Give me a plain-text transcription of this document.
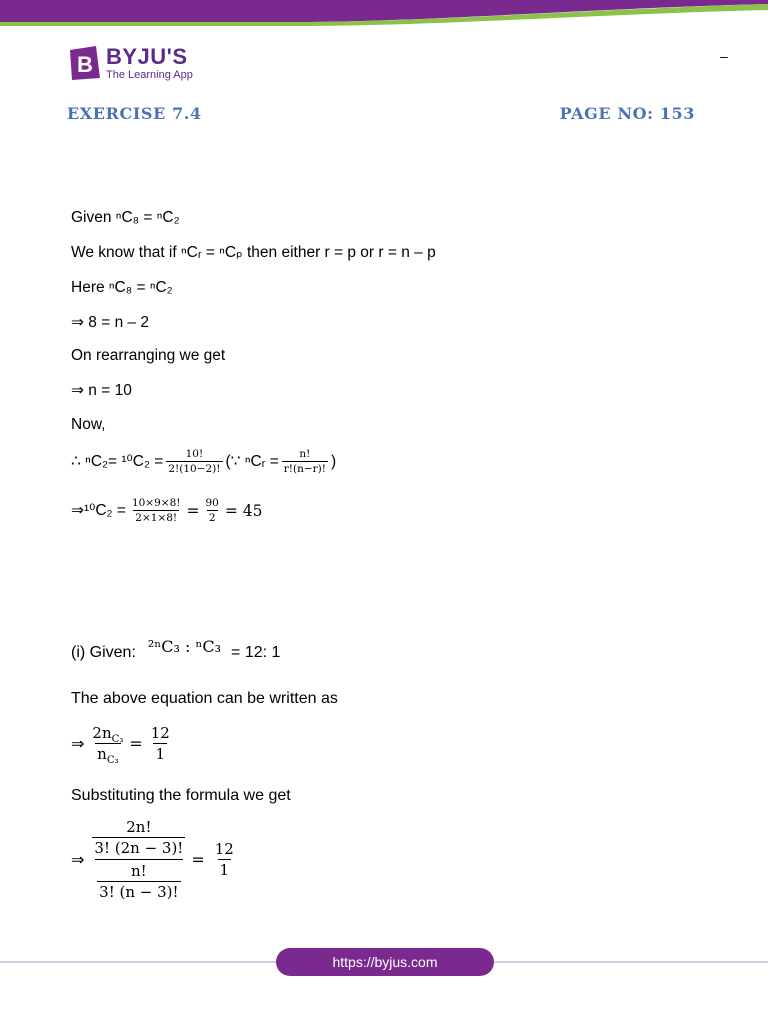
B BYJU'S
The Learning App
–
EXERCISE 7.4	PAGE NO: 153
Given ⁿC₈ = ⁿC₂
We know that if ⁿCᵣ = ⁿCₚ then either r = p or r = n – p
Here ⁿC₈ = ⁿC₂
⇒ 8 = n – 2
On rearranging we get
⇒ n = 10
Now,
∴ $^nC_2= ^{10}C_2 = \frac{10!}{2!(10-2)!}$ (∵ ⁿCᵣ = $\frac{n!}{r!(n-r)!}$ )
⇒¹⁰C₂ = $\frac{10\times 9\times 8!}{2\times 1\times 8!} = \frac{90}{2} = 45$
(i) Given: ²ⁿC₃ : ⁿC₃ = 12: 1
The above equation can be written as
⇒ $\frac{2n_{C_3}}{n_{C_3}} = \frac{12}{1}$
Substituting the formula we get
⇒ $\frac{\frac{2n!}{3! (2n - 3)!}}{\frac{n!}{3! (n - 3)!}} = \frac{12}{1}$
https://byjus.com
